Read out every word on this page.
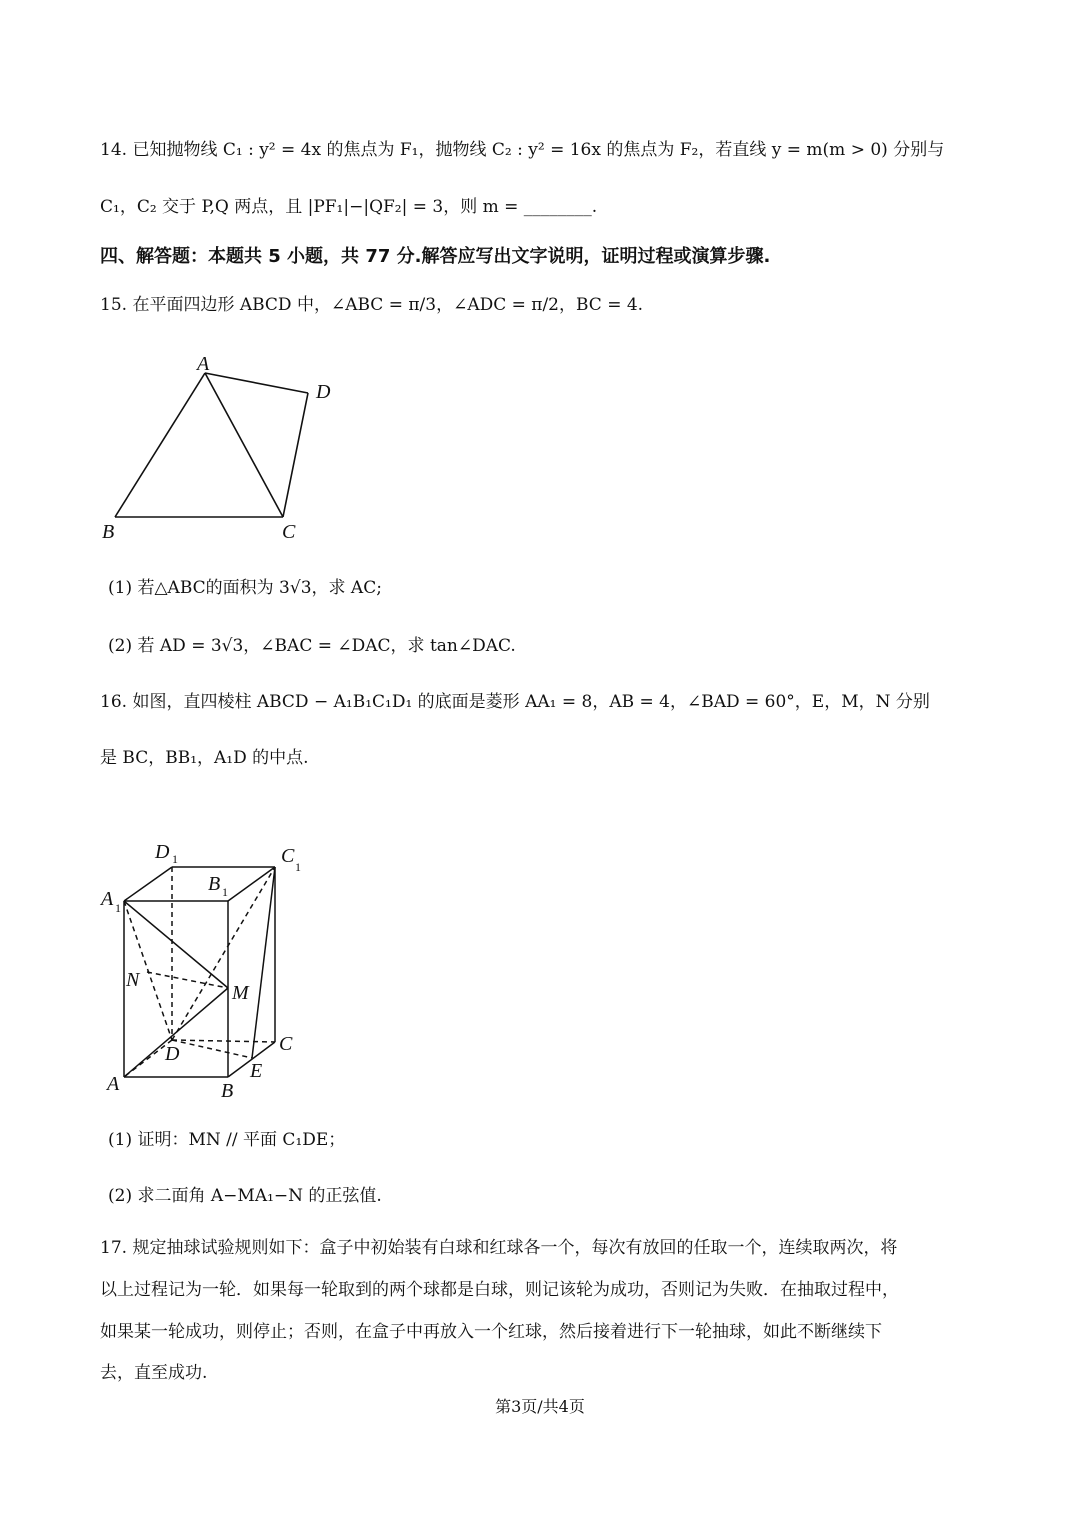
14. 已知抛物线 C₁ : y² = 4x 的焦点为 F₁，抛物线 C₂ : y² = 16x 的焦点为 F₂，若直线 y = m(m > 0) 分别与
C₁，C₂ 交于 P,Q 两点，且 |PF₁|−|QF₂| = 3，则 m = ________.
四、解答题：本题共 5 小题，共 77 分.解答应写出文字说明，证明过程或演算步骤.
15. 在平面四边形 ABCD 中，∠ABC = π/3，∠ADC = π/2，BC = 4.
A
D
B	C
D 1	C 1
B 1
A 1
N
M
D	C
E
A	B
(1) 若△ABC的面积为 3√3，求 AC;
(2) 若 AD = 3√3，∠BAC = ∠DAC，求 tan∠DAC.
16. 如图，直四棱柱 ABCD − A₁B₁C₁D₁ 的底面是菱形 AA₁ = 8，AB = 4，∠BAD = 60°，E，M，N 分别
是 BC，BB₁，A₁D 的中点.
(1) 证明：MN // 平面 C₁DE；
(2) 求二面角 A−MA₁−N 的正弦值.
17. 规定抽球试验规则如下：盒子中初始装有白球和红球各一个，每次有放回的任取一个，连续取两次，将
以上过程记为一轮．如果每一轮取到的两个球都是白球，则记该轮为成功，否则记为失败．在抽取过程中，
如果某一轮成功，则停止；否则，在盒子中再放入一个红球，然后接着进行下一轮抽球，如此不断继续下
去，直至成功.
第3页/共4页
